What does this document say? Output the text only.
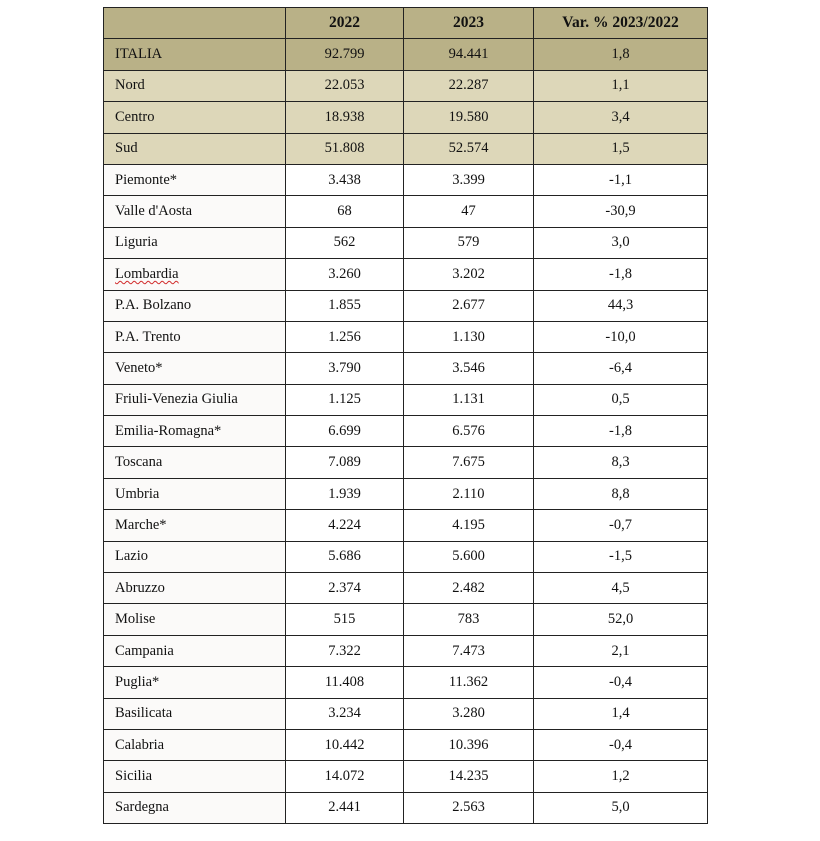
	2022	2023	Var. % 2023/2022
ITALIA	92.799	94.441	1,8
Nord	22.053	22.287	1,1
Centro	18.938	19.580	3,4
Sud	51.808	52.574	1,5
Piemonte*	3.438	3.399	-1,1
Valle d'Aosta	68	47	-30,9
Liguria	562	579	3,0
Lombardia	3.260	3.202	-1,8
P.A. Bolzano	1.855	2.677	44,3
P.A. Trento	1.256	1.130	-10,0
Veneto*	3.790	3.546	-6,4
Friuli-Venezia Giulia	1.125	1.131	0,5
Emilia-Romagna*	6.699	6.576	-1,8
Toscana	7.089	7.675	8,3
Umbria	1.939	2.110	8,8
Marche*	4.224	4.195	-0,7
Lazio	5.686	5.600	-1,5
Abruzzo	2.374	2.482	4,5
Molise	515	783	52,0
Campania	7.322	7.473	2,1
Puglia*	11.408	11.362	-0,4
Basilicata	3.234	3.280	1,4
Calabria	10.442	10.396	-0,4
Sicilia	14.072	14.235	1,2
Sardegna	2.441	2.563	5,0
